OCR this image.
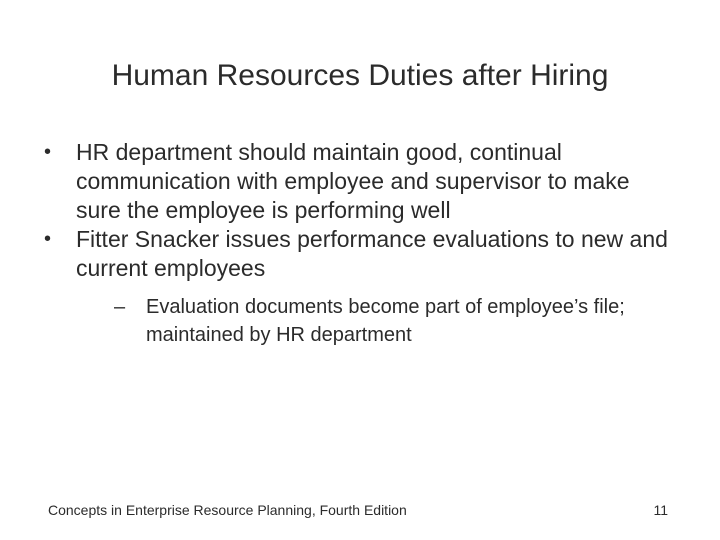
Human Resources Duties after Hiring
• HR department should maintain good, continual communication with employee and supervisor to make sure the employee is performing well
• Fitter Snacker issues performance evaluations to new and current employees
– Evaluation documents become part of employee’s file; maintained by HR department
Concepts in Enterprise Resource Planning, Fourth Edition	11
